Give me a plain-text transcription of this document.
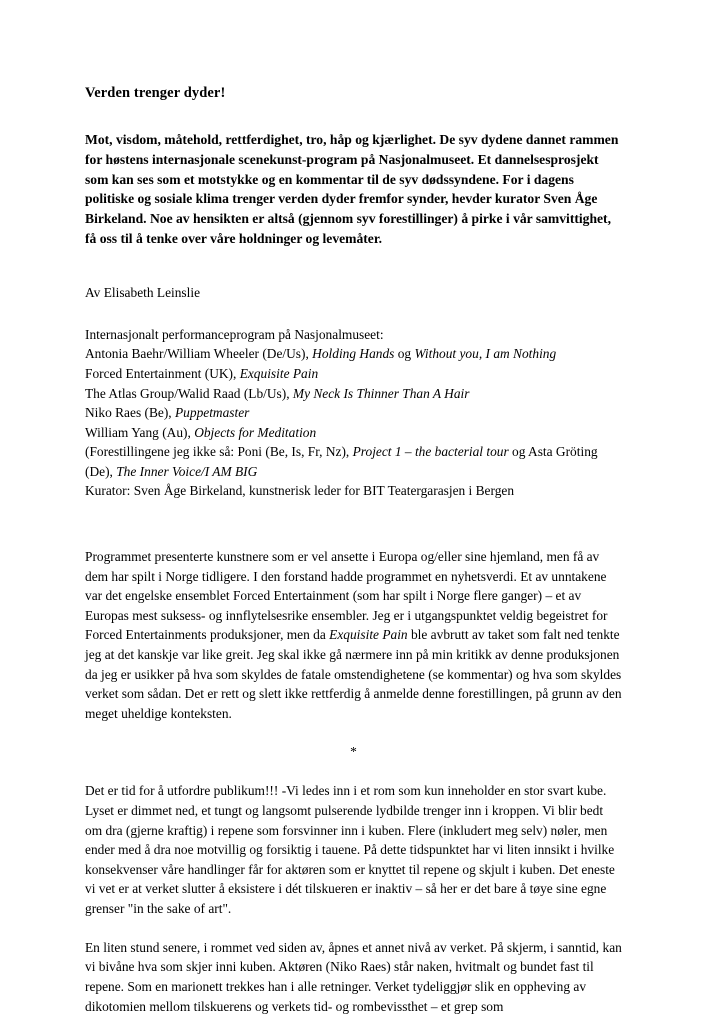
Verden trenger dyder!

Mot, visdom, måtehold, rettferdighet, tro, håp og kjærlighet. De syv dydene dannet rammen for høstens internasjonale scenekunst-program på Nasjonalmuseet. Et dannelsesprosjekt som kan ses som et motstykke og en kommentar til de syv dødssyndene. For i dagens politiske og sosiale klima trenger verden dyder fremfor synder, hevder kurator Sven Åge Birkeland. Noe av hensikten er altså (gjennom syv forestillinger) å pirke i vår samvittighet, få oss til å tenke over våre holdninger og levemåter.

Av Elisabeth Leinslie

Internasjonalt performanceprogram på Nasjonalmuseet:
Antonia Baehr/William Wheeler (De/Us), Holding Hands og Without you, I am Nothing
Forced Entertainment (UK), Exquisite Pain
The Atlas Group/Walid Raad (Lb/Us), My Neck Is Thinner Than A Hair
Niko Raes (Be), Puppetmaster
William Yang (Au), Objects for Meditation
(Forestillingene jeg ikke så: Poni (Be, Is, Fr, Nz), Project 1 – the bacterial tour og Asta Gröting (De), The Inner Voice/I AM BIG
Kurator: Sven Åge Birkeland, kunstnerisk leder for BIT Teatergarasjen i Bergen

Programmet presenterte kunstnere som er vel ansette i Europa og/eller sine hjemland, men få av dem har spilt i Norge tidligere. I den forstand hadde programmet en nyhetsverdi. Et av unntakene var det engelske ensemblet Forced Entertainment (som har spilt i Norge flere ganger) – et av Europas mest suksess- og innflytelsesrike ensembler. Jeg er i utgangspunktet veldig begeistret for Forced Entertainments produksjoner, men da Exquisite Pain ble avbrutt av taket som falt ned tenkte jeg at det kanskje var like greit. Jeg skal ikke gå nærmere inn på min kritikk av denne produksjonen da jeg er usikker på hva som skyldes de fatale omstendighetene (se kommentar) og hva som skyldes verket som sådan. Det er rett og slett ikke rettferdig å anmelde denne forestillingen, på grunn av den meget uheldige konteksten.

*

Det er tid for å utfordre publikum!!! -Vi ledes inn i et rom som kun inneholder en stor svart kube. Lyset er dimmet ned, et tungt og langsomt pulserende lydbilde trenger inn i kroppen. Vi blir bedt om dra (gjerne kraftig) i repene som forsvinner inn i kuben. Flere (inkludert meg selv) nøler, men ender med å dra noe motvillig og forsiktig i tauene. På dette tidspunktet har vi liten innsikt i hvilke konsekvenser våre handlinger får for aktøren som er knyttet til repene og skjult i kuben. Det eneste vi vet er at verket slutter å eksistere i dét tilskueren er inaktiv – så her er det bare å tøye sine egne grenser "in the sake of art".

En liten stund senere, i rommet ved siden av, åpnes et annet nivå av verket. På skjerm, i sanntid, kan vi bivåne hva som skjer inni kuben. Aktøren (Niko Raes) står naken, hvitmalt og bundet fast til repene. Som en marionett trekkes han i alle retninger. Verket tydeliggjør slik en oppheving av dikotomien mellom tilskuerens og verkets tid- og rombevissthet – et grep som
